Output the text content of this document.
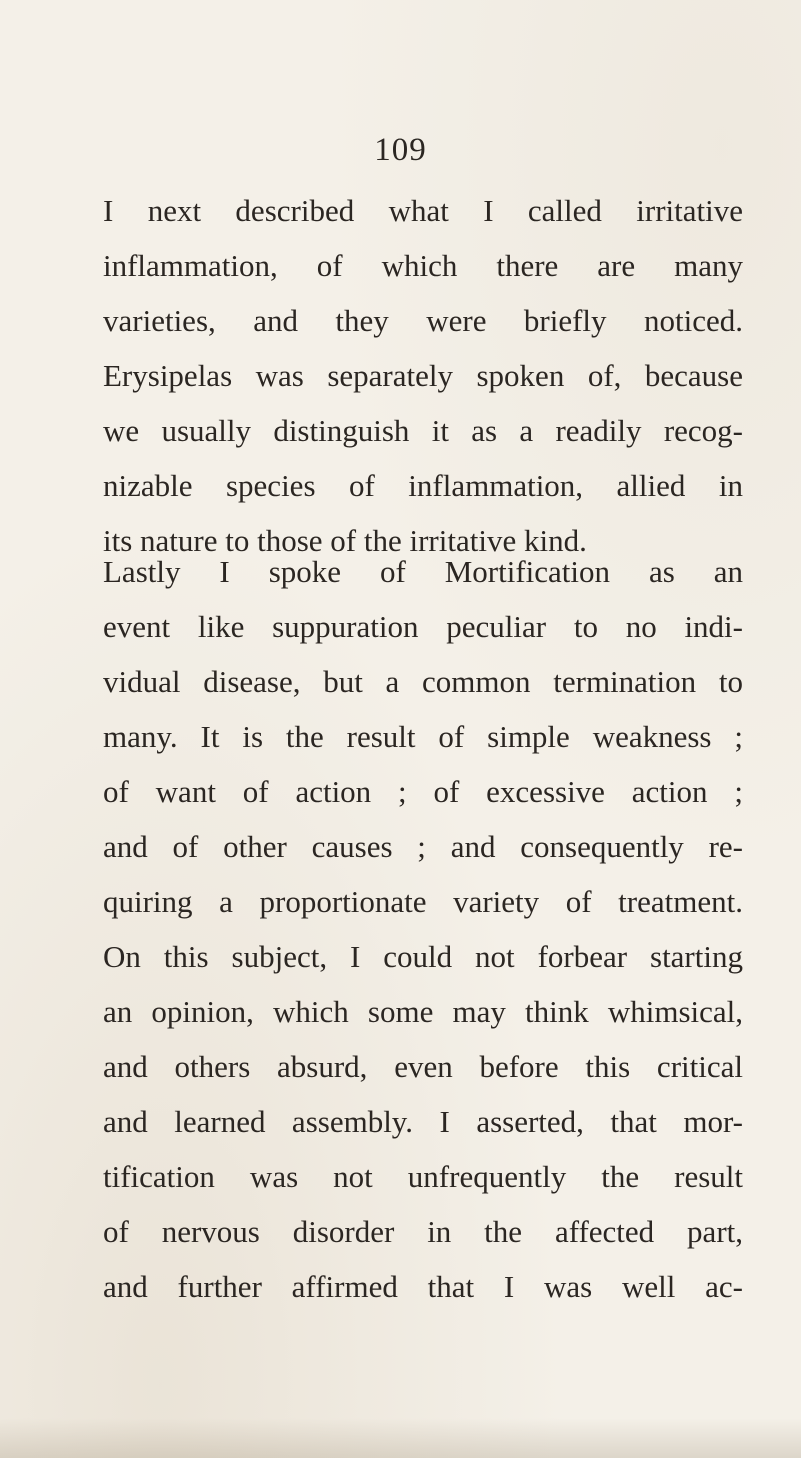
109
I next described what I called irritative
inflammation, of which there are many
varieties, and they were briefly noticed.
Erysipelas was separately spoken of, because
we usually distinguish it as a readily recog-
nizable species of inflammation, allied in
its nature to those of the irritative kind.
Lastly I spoke of Mortification as an
event like suppuration peculiar to no indi-
vidual disease, but a common termination to
many. It is the result of simple weakness ;
of want of action ; of excessive action ;
and of other causes ; and consequently re-
quiring a proportionate variety of treatment.
On this subject, I could not forbear starting
an opinion, which some may think whimsical,
and others absurd, even before this critical
and learned assembly. I asserted, that mor-
tification was not unfrequently the result
of nervous disorder in the affected part,
and further affirmed that I was well ac-
